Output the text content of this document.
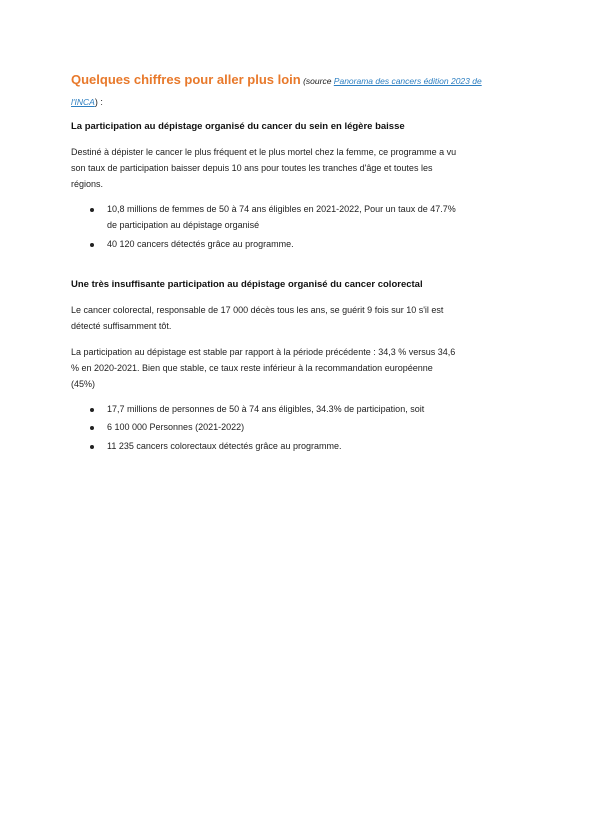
Quelques chiffres pour aller plus loin (source Panorama des cancers édition 2023 de
l'INCA) :

La participation au dépistage organisé du cancer du sein en légère baisse

Destiné à dépister le cancer le plus fréquent et le plus mortel chez la femme, ce programme a vu
son taux de participation baisser depuis 10 ans pour toutes les tranches d'âge et toutes les
régions.

10,8 millions de femmes de 50 à 74 ans éligibles en 2021-2022, Pour un taux de 47.7%
de participation au dépistage organisé
40 120 cancers détectés grâce au programme.
Une très insuffisante participation au dépistage organisé du cancer colorectal

Le cancer colorectal, responsable de 17 000 décès tous les ans, se guérit 9 fois sur 10 s'il est
détecté suffisamment tôt.

La participation au dépistage est stable par rapport à la période précédente : 34,3 % versus 34,6
% en 2020-2021. Bien que stable, ce taux reste inférieur à la recommandation européenne
(45%)

17,7 millions de personnes de 50 à 74 ans éligibles, 34.3% de participation, soit
6 100 000 Personnes (2021-2022)
11 235 cancers colorectaux détectés grâce au programme.
